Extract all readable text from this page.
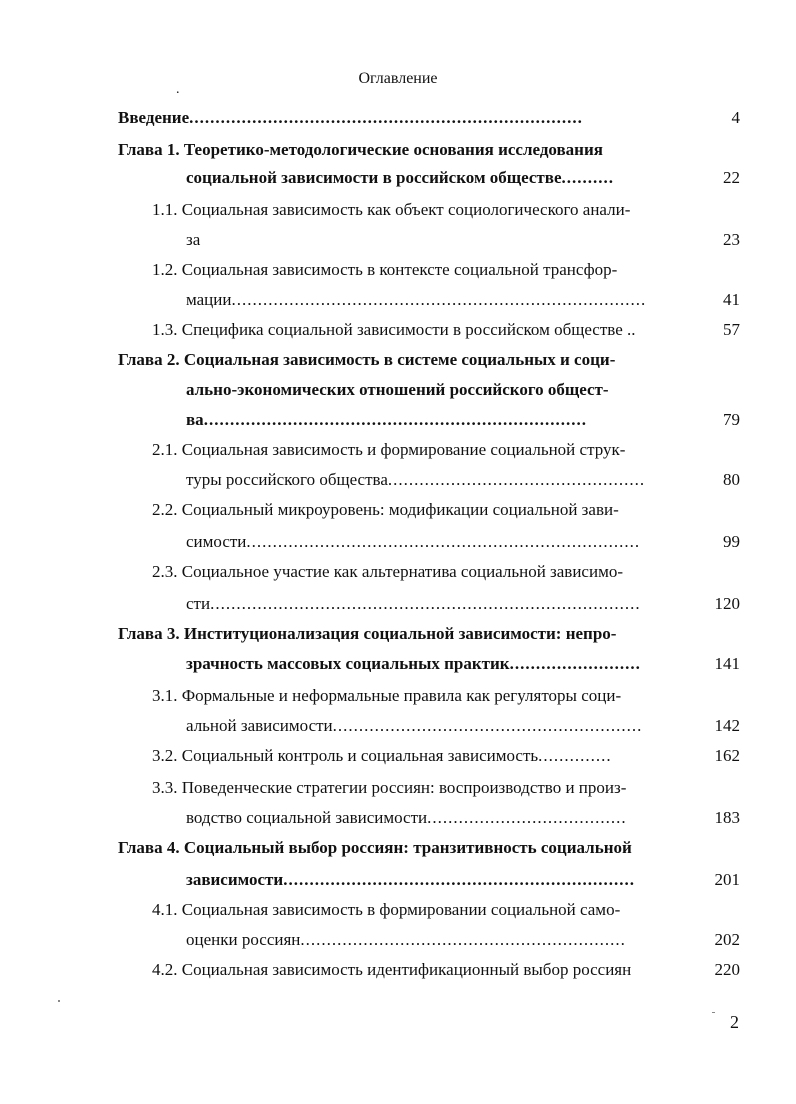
Оглавление
.
Введение...........................................................................	4
Глава 1. Теоретико-методологические основания исследования
социальной зависимости в российском обществе..........	22
1.1. Социальная зависимость как объект социологического анали-
за	23
1.2. Социальная зависимость в контексте социальной трансфор-
мации...............................................................................	41
1.3. Специфика социальной зависимости в российском обществе ..	57
Глава 2. Социальная зависимость в системе социальных и соци-
ально-экономических отношений российского общест-
ва.........................................................................	79
2.1. Социальная зависимость и формирование социальной струк-
туры российского общества.................................................	80
2.2. Социальный микроуровень: модификации социальной зави-
симости...........................................................................	99
2.3. Социальное участие как альтернатива социальной зависимо-
сти..................................................................................	120
Глава 3. Институционализация социальной зависимости: непро-
зрачность массовых социальных практик.........................	141
3.1. Формальные и неформальные правила как регуляторы соци-
альной зависимости...........................................................	142
3.2. Социальный контроль и социальная зависимость..............	162
3.3. Поведенческие стратегии россиян: воспроизводство и произ-
водство социальной зависимости......................................	183
Глава 4. Социальный выбор россиян: транзитивность социальной
зависимости...................................................................	201
4.1. Социальная зависимость в формировании социальной само-
оценки россиян..............................................................	202
4.2. Социальная зависимость идентификационный выбор россиян	220
2
